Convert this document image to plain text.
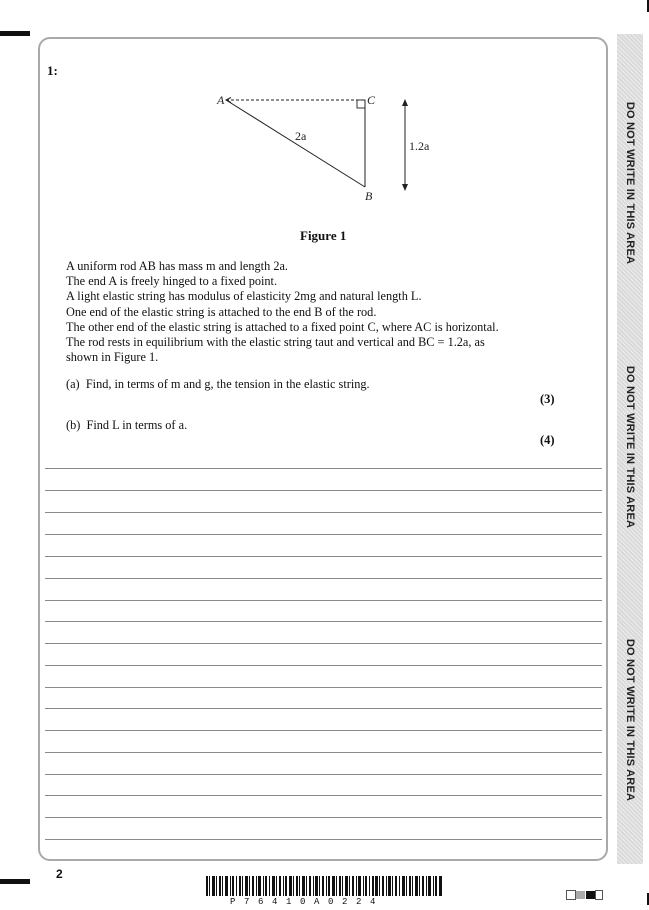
DO NOT WRITE IN THIS AREA
DO NOT WRITE IN THIS AREA
DO NOT WRITE IN THIS AREA
1:
A	C
B
2a
1.2a
Figure 1
A uniform rod AB has mass m and length 2a.
The end A is freely hinged to a fixed point.
A light elastic string has modulus of elasticity 2mg and natural length L.
One end of the elastic string is attached to the end B of the rod.
The other end of the elastic string is attached to a fixed point C, where AC is horizontal.
The rod rests in equilibrium with the elastic string taut and vertical and BC = 1.2a, as
shown in Figure 1.
(a) Find, in terms of m and g, the tension in the elastic string.
(3)
(b) Find L in terms of a.
(4)
2
P76410A0224
